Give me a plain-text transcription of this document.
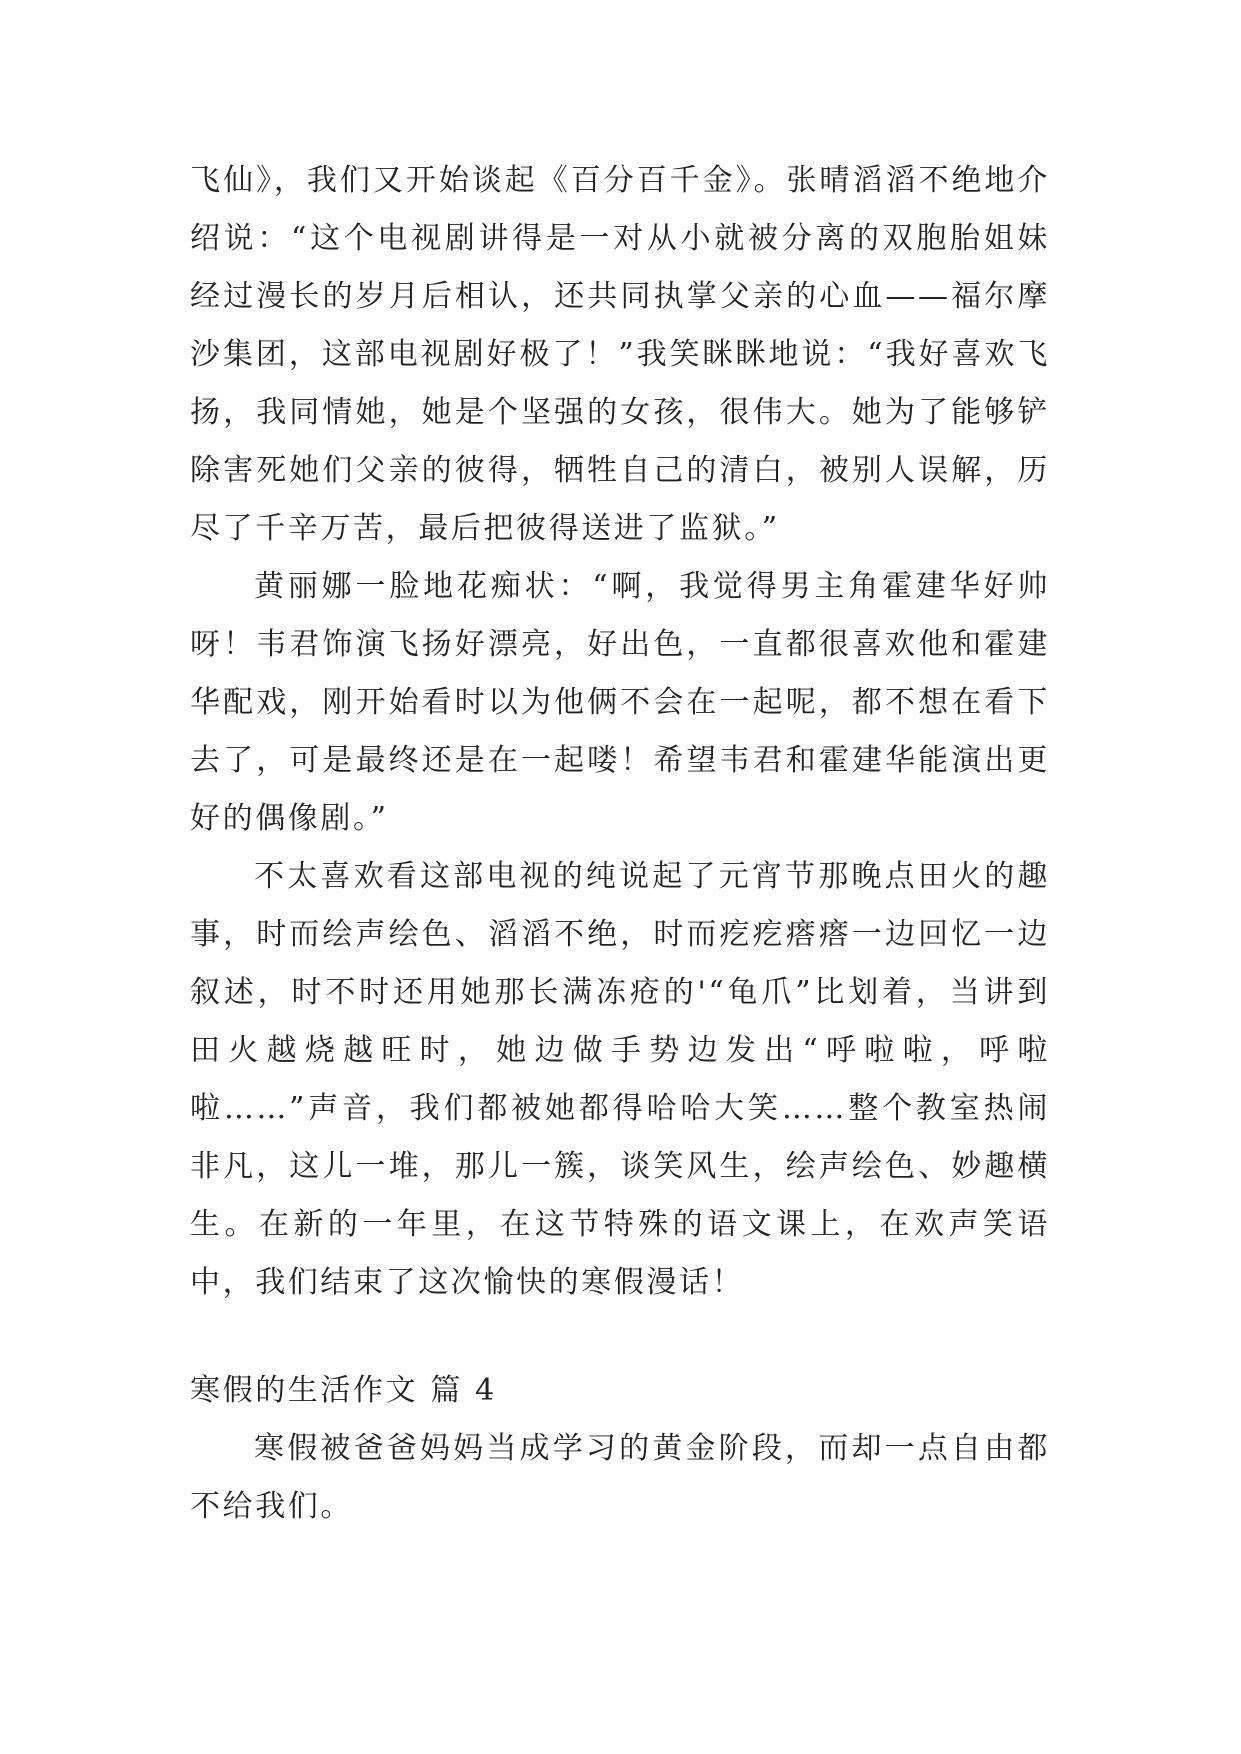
飞仙》，我们又开始谈起《百分百千金》。张晴滔滔不绝地介绍说：“这个电视剧讲得是一对从小就被分离的双胞胎姐妹经过漫长的岁月后相认，还共同执掌父亲的心血——福尔摩沙集团，这部电视剧好极了！”我笑眯眯地说：“我好喜欢飞扬，我同情她，她是个坚强的女孩，很伟大。她为了能够铲除害死她们父亲的彼得，牺牲自己的清白，被别人误解，历尽了千辛万苦，最后把彼得送进了监狱。”

黄丽娜一脸地花痴状：“啊，我觉得男主角霍建华好帅呀！韦君饰演飞扬好漂亮，好出色，一直都很喜欢他和霍建华配戏，刚开始看时以为他俩不会在一起呢，都不想在看下去了，可是最终还是在一起喽！希望韦君和霍建华能演出更好的偶像剧。”

不太喜欢看这部电视的纯说起了元宵节那晚点田火的趣事，时而绘声绘色、滔滔不绝，时而疙疙瘩瘩一边回忆一边叙述，时不时还用她那长满冻疮的'“龟爪”比划着，当讲到田火越烧越旺时，她边做手势边发出“呼啦啦，呼啦啦……”声音，我们都被她都得哈哈大笑……整个教室热闹非凡，这儿一堆，那儿一簇，谈笑风生，绘声绘色、妙趣横生。在新的一年里，在这节特殊的语文课上，在欢声笑语中，我们结束了这次愉快的寒假漫话！

寒假的生活作文 篇 4

寒假被爸爸妈妈当成学习的黄金阶段，而却一点自由都不给我们。
